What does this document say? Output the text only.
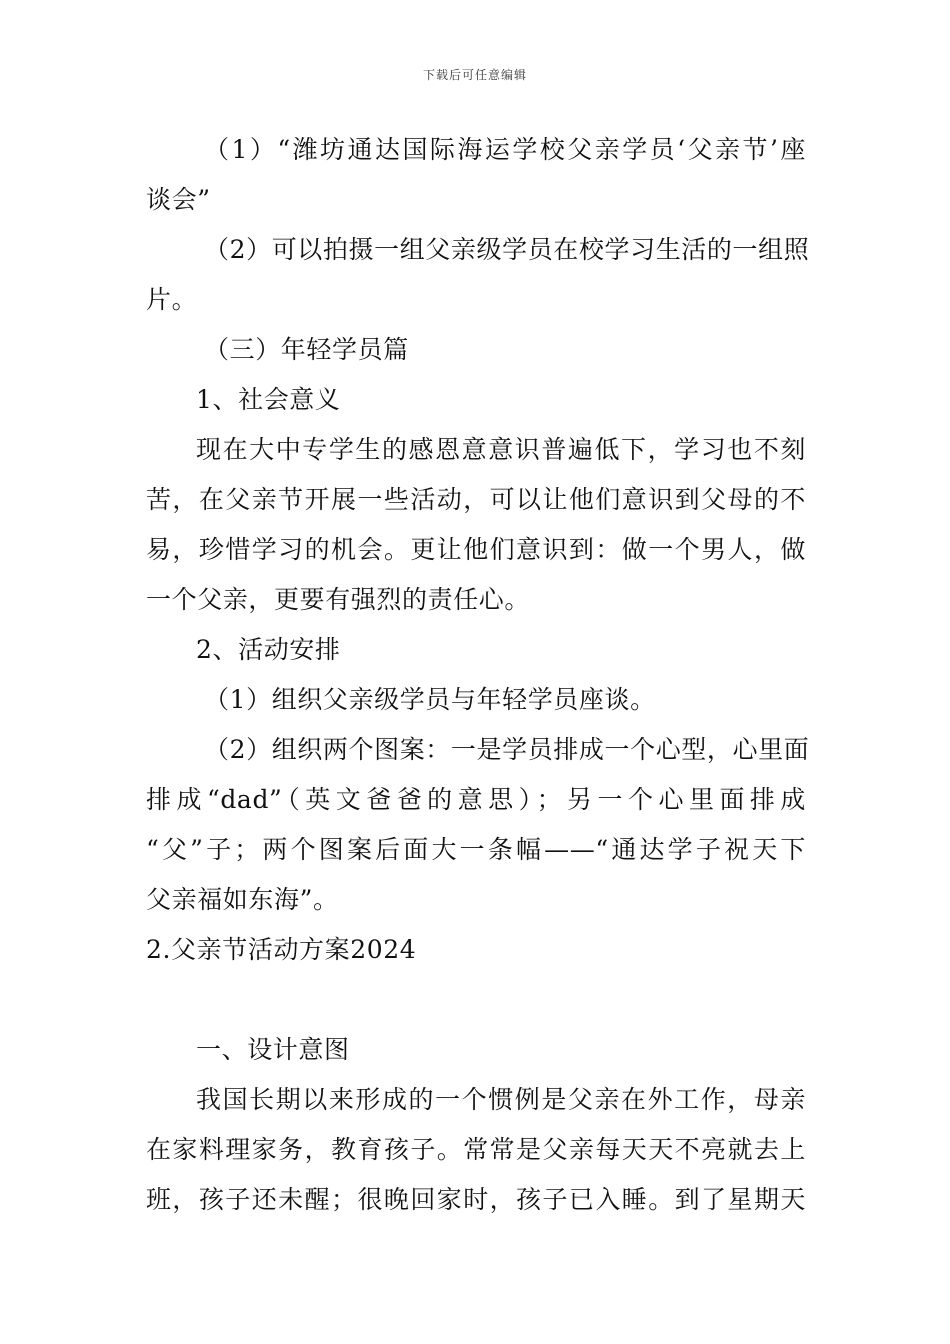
下载后可任意编辑
（1）“潍坊通达国际海运学校父亲学员‘父亲节’座
谈会”
（2）可以拍摄一组父亲级学员在校学习生活的一组照
片。
（三）年轻学员篇
1、社会意义
现在大中专学生的感恩意意识普遍低下，学习也不刻
苦，在父亲节开展一些活动，可以让他们意识到父母的不
易，珍惜学习的机会。更让他们意识到：做一个男人，做
一个父亲，更要有强烈的责任心。
2、活动安排
（1）组织父亲级学员与年轻学员座谈。
（2）组织两个图案：一是学员排成一个心型，心里面
排成“dad”（英文爸爸的意思）；另一个心里面排成
“父”子；两个图案后面大一条幅——“通达学子祝天下
父亲福如东海”。
2.父亲节活动方案2024
一、设计意图
我国长期以来形成的一个惯例是父亲在外工作，母亲
在家料理家务，教育孩子。常常是父亲每天天不亮就去上
班，孩子还未醒；很晚回家时，孩子已入睡。到了星期天
